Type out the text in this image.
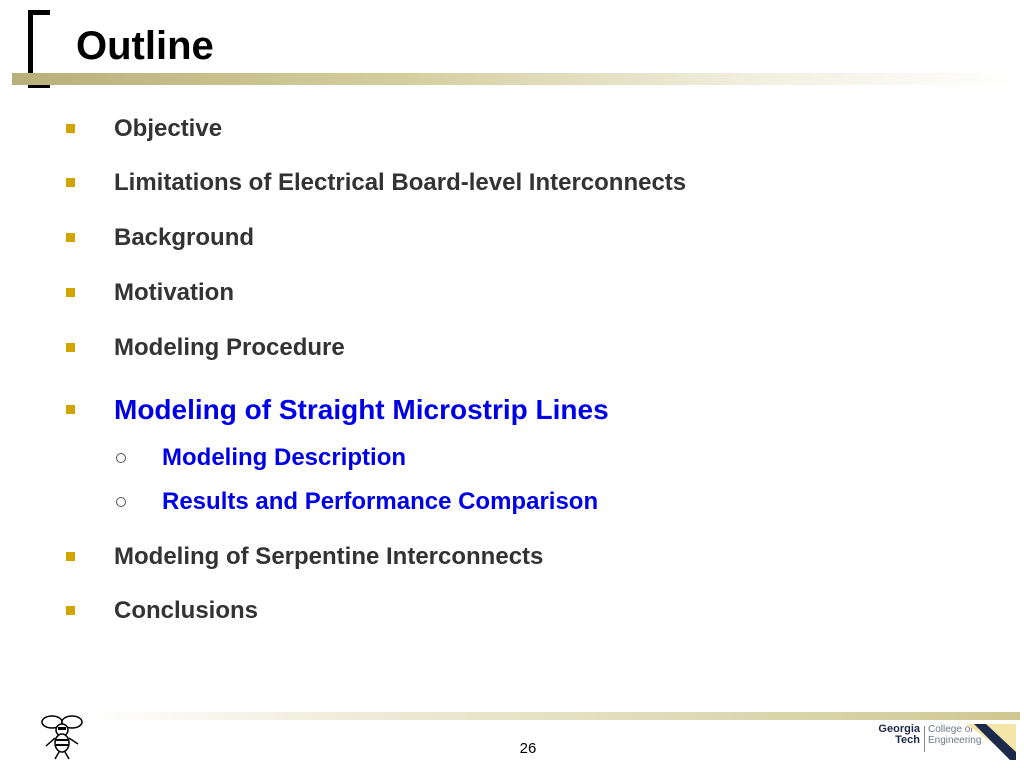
Outline
Objective
Limitations of Electrical Board-level Interconnects
Background
Motivation
Modeling Procedure
Modeling of Straight Microstrip Lines
Modeling Description
Results and Performance Comparison
Modeling of Serpentine Interconnects
Conclusions
26
Georgia
Tech
College of
Engineering
